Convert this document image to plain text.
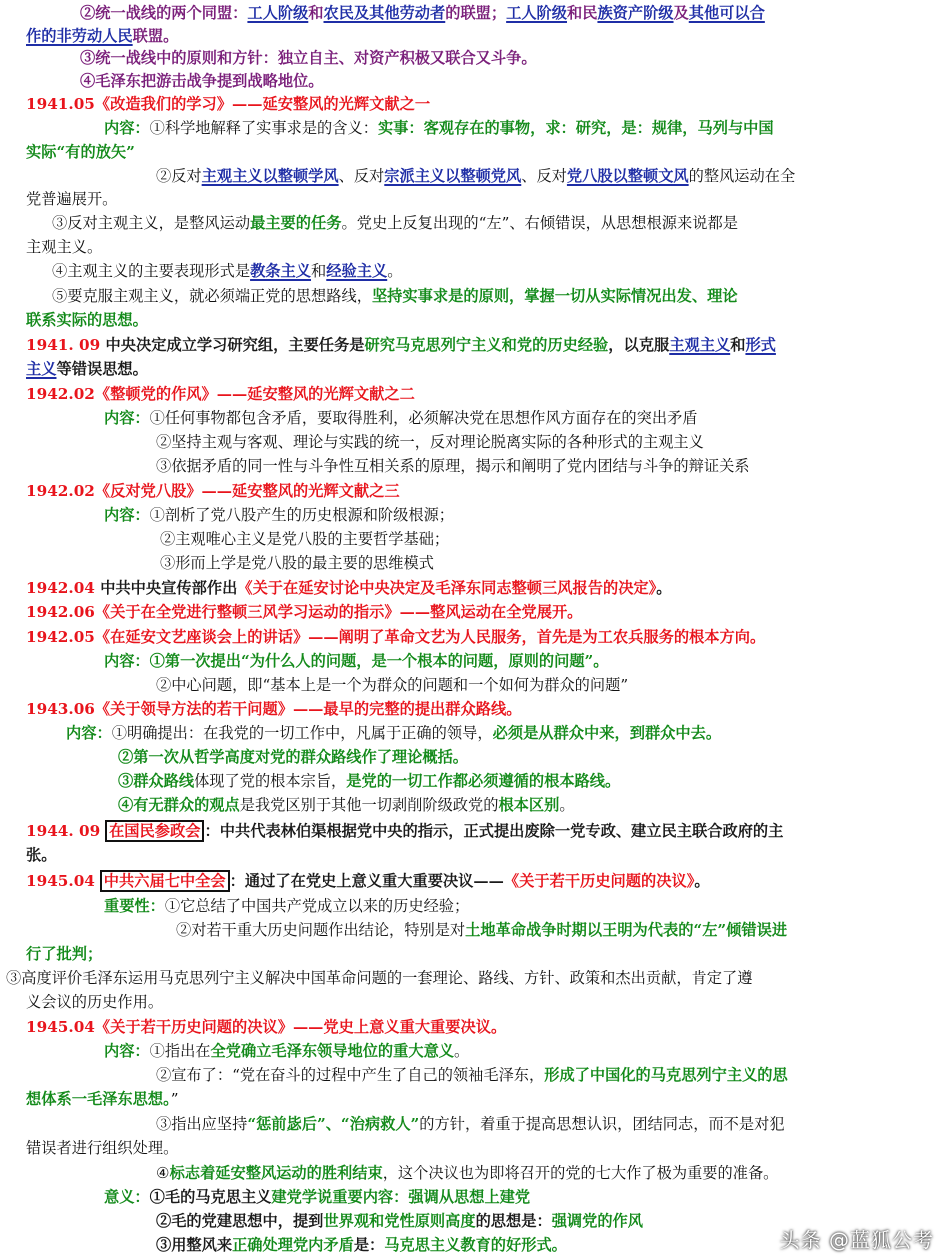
②统一战线的两个同盟：工人阶级和农民及其他劳动者的联盟；工人阶级和民族资产阶级及其他可以合
作的非劳动人民联盟。
③统一战线中的原则和方针：独立自主、对资产积极又联合又斗争。
④毛泽东把游击战争提到战略地位。
1941.05《改造我们的学习》——延安整风的光辉文献之一
内容：①科学地解释了实事求是的含义：实事：客观存在的事物，求：研究，是：规律，马列与中国
实际“有的放矢”
②反对主观主义以整顿学风、反对宗派主义以整顿党风、反对党八股以整顿文风的整风运动在全
党普遍展开。
③反对主观主义，是整风运动最主要的任务。党史上反复出现的“左”、右倾错误，从思想根源来说都是
主观主义。
④主观主义的主要表现形式是教条主义和经验主义。
⑤要克服主观主义，就必须端正党的思想路线，坚持实事求是的原则，掌握一切从实际情况出发、理论
联系实际的思想。
1941. 09 中央决定成立学习研究组，主要任务是研究马克思列宁主义和党的历史经验，以克服主观主义和形式
主义等错误思想。
1942.02《整顿党的作风》——延安整风的光辉文献之二
内容：①任何事物都包含矛盾，要取得胜利，必须解决党在思想作风方面存在的突出矛盾
②坚持主观与客观、理论与实践的统一，反对理论脱离实际的各种形式的主观主义
③依据矛盾的同一性与斗争性互相关系的原理，揭示和阐明了党内团结与斗争的辩证关系
1942.02《反对党八股》——延安整风的光辉文献之三
内容：①剖析了党八股产生的历史根源和阶级根源；
②主观唯心主义是党八股的主要哲学基础；
③形而上学是党八股的最主要的思维模式
1942.04 中共中央宣传部作出《关于在延安讨论中央决定及毛泽东同志整顿三风报告的决定》。
1942.06《关于在全党进行整顿三风学习运动的指示》——整风运动在全党展开。
1942.05《在延安文艺座谈会上的讲话》——阐明了革命文艺为人民服务，首先是为工农兵服务的根本方向。
内容：①第一次提出“为什么人的问题，是一个根本的问题，原则的问题”。
②中心问题，即“基本上是一个为群众的问题和一个如何为群众的问题”
1943.06《关于领导方法的若干问题》——最早的完整的提出群众路线。
内容：①明确提出：在我党的一切工作中，凡属于正确的领导，必须是从群众中来，到群众中去。
②第一次从哲学高度对党的群众路线作了理论概括。
③群众路线体现了党的根本宗旨，是党的一切工作都必须遵循的根本路线。
④有无群众的观点是我党区别于其他一切剥削阶级政党的根本区别。
1944. 09 在国民参政会 ：中共代表林伯渠根据党中央的指示，正式提出废除一党专政、建立民主联合政府的主
张。
1945.04 中共六届七中全会 ：通过了在党史上意义重大重要决议——《关于若干历史问题的决议》。
重要性：①它总结了中国共产党成立以来的历史经验；
②对若干重大历史问题作出结论，特别是对土地革命战争时期以王明为代表的“左”倾错误进
行了批判；
③高度评价毛泽东运用马克思列宁主义解决中国革命问题的一套理论、路线、方针、政策和杰出贡献，肯定了遵
义会议的历史作用。
1945.04《关于若干历史问题的决议》——党史上意义重大重要决议。
内容：①指出在全党确立毛泽东领导地位的重大意义。
②宣布了：“党在奋斗的过程中产生了自己的领袖毛泽东，形成了中国化的马克思列宁主义的思
想体系一毛泽东思想。”
③指出应坚持“惩前毖后”、“治病救人”的方针，着重于提高思想认识，团结同志，而不是对犯
错误者进行组织处理。
④标志着延安整风运动的胜利结束，这个决议也为即将召开的党的七大作了极为重要的准备。
意义：①毛的马克思主义建党学说重要内容：强调从思想上建党
②毛的党建思想中，提到世界观和党性原则高度的思想是：强调党的作风
③用整风来正确处理党内矛盾是：马克思主义教育的好形式。	头条 @蓝狐公考
